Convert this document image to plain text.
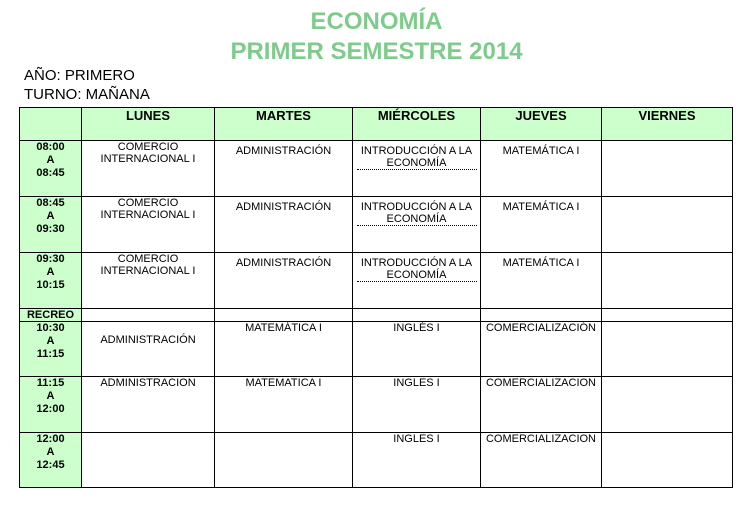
ECONOMÍA
PRIMER SEMESTRE 2014
AÑO: PRIMERO
TURNO: MAÑANA
	LUNES	MARTES	MIÉRCOLES	JUEVES	VIERNES
08:00
A
08:45	COMERCIO INTERNACIONAL I	ADMINISTRACIÓN	INTRODUCCIÓN A LA ECONOMÍA	MATEMÁTICA I	
08:45
A
09:30	COMERCIO INTERNACIONAL I	ADMINISTRACIÓN	INTRODUCCIÓN A LA ECONOMÍA	MATEMÁTICA I	
09:30
A
10:15	COMERCIO INTERNACIONAL I	ADMINISTRACIÓN	INTRODUCCIÓN A LA ECONOMÍA	MATEMÁTICA I	
RECREO					
10:30
A
11:15	ADMINISTRACIÓN	MATEMÁTICA I	INGLÉS I	COMERCIALIZACIÓN	
11:15
A
12:00	ADMINISTRACION	MATEMATICA I	INGLES I	COMERCIALIZACION	
12:00
A
12:45			INGLES I	COMERCIALIZACION	
